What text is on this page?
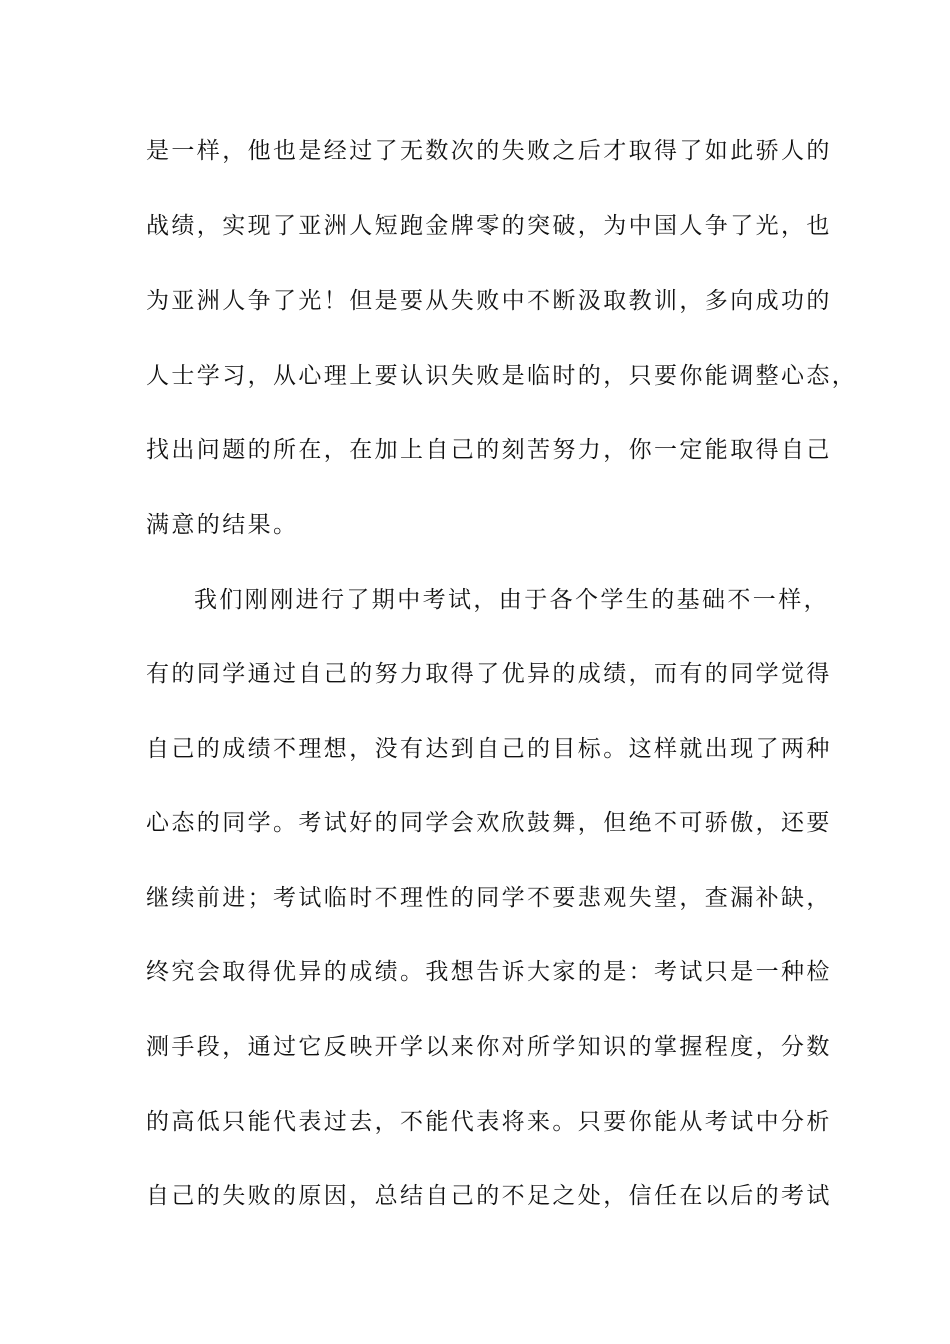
是一样，他也是经过了无数次的失败之后才取得了如此骄人的
战绩，实现了亚洲人短跑金牌零的突破，为中国人争了光，也
为亚洲人争了光！但是要从失败中不断汲取教训，多向成功的
人士学习，从心理上要认识失败是临时的，只要你能调整心态，
找出问题的所在，在加上自己的刻苦努力，你一定能取得自己
满意的结果。
我们刚刚进行了期中考试，由于各个学生的基础不一样，
有的同学通过自己的努力取得了优异的成绩，而有的同学觉得
自己的成绩不理想，没有达到自己的目标。这样就出现了两种
心态的同学。考试好的同学会欢欣鼓舞，但绝不可骄傲，还要
继续前进；考试临时不理性的同学不要悲观失望，查漏补缺，
终究会取得优异的成绩。我想告诉大家的是：考试只是一种检
测手段，通过它反映开学以来你对所学知识的掌握程度，分数
的高低只能代表过去，不能代表将来。只要你能从考试中分析
自己的失败的原因，总结自己的不足之处，信任在以后的考试
